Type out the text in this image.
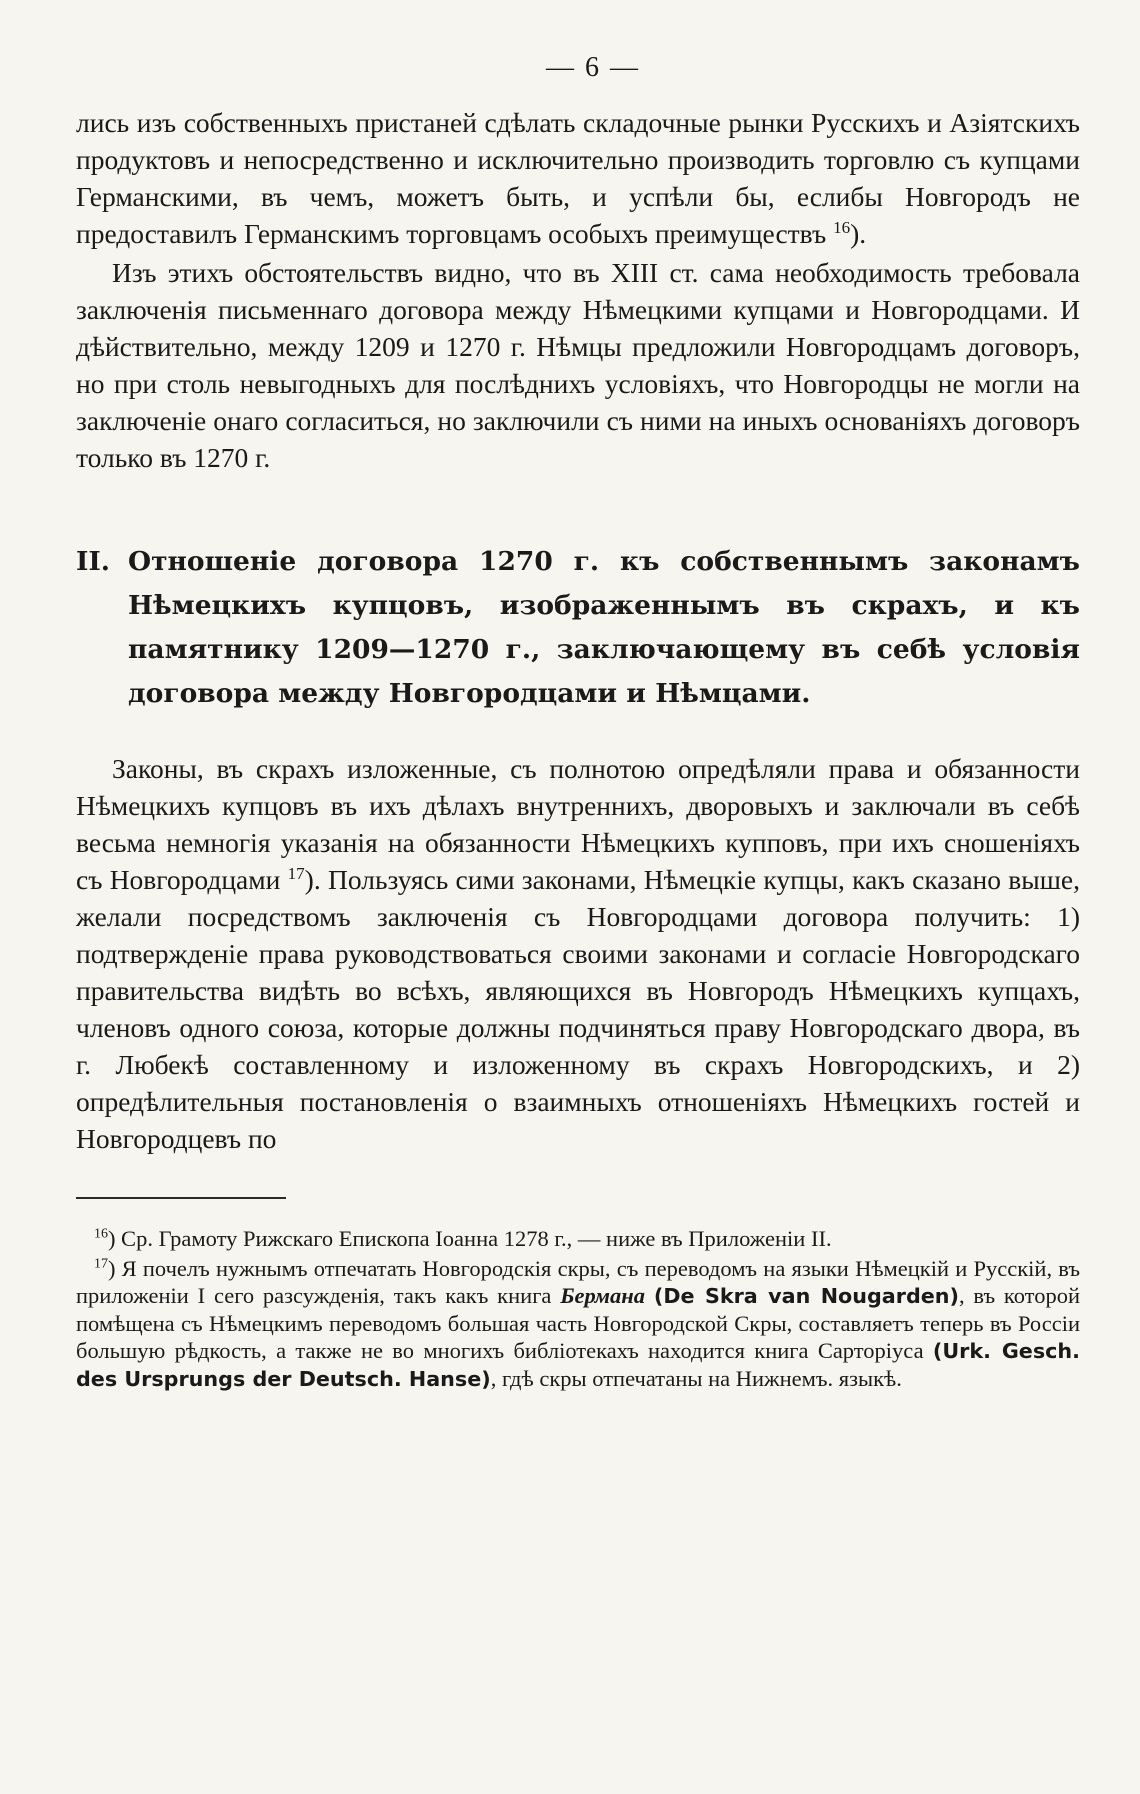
— 6 —

лись изъ собственныхъ пристаней сдѣлать складочные рынки Русскихъ и Азіятскихъ продуктовъ и непосредственно и исключительно производить торговлю съ купцами Германскими, въ чемъ, можетъ быть, и успѣли бы, еслибы Новгородъ не предоставилъ Германскимъ торговцамъ особыхъ преимуществъ $^{16}$).

Изъ этихъ обстоятельствъ видно, что въ XIII ст. сама необходимость требовала заключенія письменнаго договора между Нѣмецкими купцами и Новгородцами. И дѣйствительно, между 1209 и 1270 г. Нѣмцы предложили Новгородцамъ договоръ, но при столь невыгодныхъ для послѣднихъ условіяхъ, что Новгородцы не могли на заключеніе онаго согласиться, но заключили съ ними на иныхъ основаніяхъ договоръ только въ 1270 г.

II. Отношеніе договора 1270 г. къ собственнымъ законамъ Нѣмецкихъ купцовъ, изображеннымъ въ скрахъ, и къ памятнику 1209—1270 г., заключающему въ себѣ условія договора между Новгородцами и Нѣмцами.

Законы, въ скрахъ изложенные, съ полнотою опредѣляли права и обязанности Нѣмецкихъ купцовъ въ ихъ дѣлахъ внутреннихъ, дворовыхъ и заключали въ себѣ весьма немногія указанія на обязанности Нѣмецкихъ купповъ, при ихъ сношеніяхъ съ Новгородцами $^{17}$). Пользуясь сими законами, Нѣмецкіе купцы, какъ сказано выше, желали посредствомъ заключенія съ Новгородцами договора получить: 1) подтвержденіе права руководствоваться своими законами и согласіе Новгородскаго правительства видѣть во всѣхъ, являющихся въ Новгородъ Нѣмецкихъ купцахъ, членовъ одного союза, которые должны подчиняться праву Новгородскаго двора, въ г. Любекѣ составленному и изложенному въ скрахъ Новгородскихъ, и 2) опредѣлительныя постановленія о взаимныхъ отношеніяхъ Нѣмецкихъ гостей и Новгородцевъ по

$^{16}$) Ср. Грамоту Рижскаго Епископа Іоанна 1278 г., — ниже въ Приложеніи II.

$^{17}$) Я почелъ нужнымъ отпечатать Новгородскія скры, съ переводомъ на языки Нѣмецкій и Русскій, въ приложеніи I сего разсужденія, такъ какъ книга Бермана (De Skra van Nougarden), въ которой помѣщена съ Нѣмецкимъ переводомъ большая часть Новгородской Скры, составляетъ теперь въ Россіи большую рѣдкость, а также не во многихъ библіотекахъ находится книга Сарторіуса (Urk. Gesch. des Ursprungs der Deutsch. Hanse), гдѣ скры отпечатаны на Нижнемъ. языкѣ.
